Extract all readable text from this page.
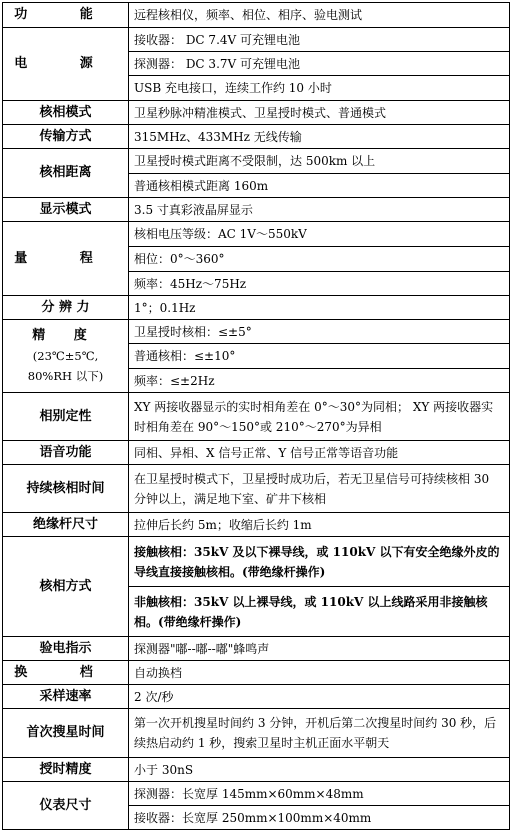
功 能	远程核相仪，频率、相位、相序、验电测试
电 源	接收器： DC 7.4V 可充锂电池
	探测器： DC 3.7V 可充锂电池
	USB 充电接口，连续工作约 10 小时
核相模式	卫星秒脉冲精准模式、卫星授时模式、普通模式
传输方式	315MHz、433MHz 无线传输
核相距离	卫星授时模式距离不受限制，达 500km 以上
	普通核相模式距离 160m
显示模式	3.5 寸真彩液晶屏显示
量 程	核相电压等级：AC 1V～550kV
	相位：0°～360°
	频率：45Hz～75Hz
分 辨 力	1°；0.1Hz
精 度
(23℃±5℃,
80%RH 以下)	卫星授时核相：≤±5°
	普通核相：≤±10°
	频率：≤±2Hz
相别定性	XY 两接收器显示的实时相角差在 0°～30°为同相； XY 两接收器实时相角差在 90°～150°或 210°～270°为异相
语音功能	同相、异相、X 信号正常、Y 信号正常等语音功能
持续核相时间	在卫星授时模式下，卫星授时成功后，若无卫星信号可持续核相 30 分钟以上，满足地下室、矿井下核相
绝缘杆尺寸	拉伸后长约 5m；收缩后长约 1m
核相方式	接触核相：35kV 及以下裸导线，或 110kV 以下有安全绝缘外皮的导线直接接触核相。(带绝缘杆操作)
	非触核相：35kV 以上裸导线，或 110kV 以上线路采用非接触核相。(带绝缘杆操作)
验电指示	探测器"嘟--嘟--嘟"蜂鸣声
换 档	自动换档
采样速率	2 次/秒
首次搜星时间	第一次开机搜星时间约 3 分钟，开机后第二次搜星时间约 30 秒，后续热启动约 1 秒，搜索卫星时主机正面水平朝天
授时精度	小于 30nS
仪表尺寸	探测器：长宽厚 145mm×60mm×48mm
	接收器：长宽厚 250mm×100mm×40mm
